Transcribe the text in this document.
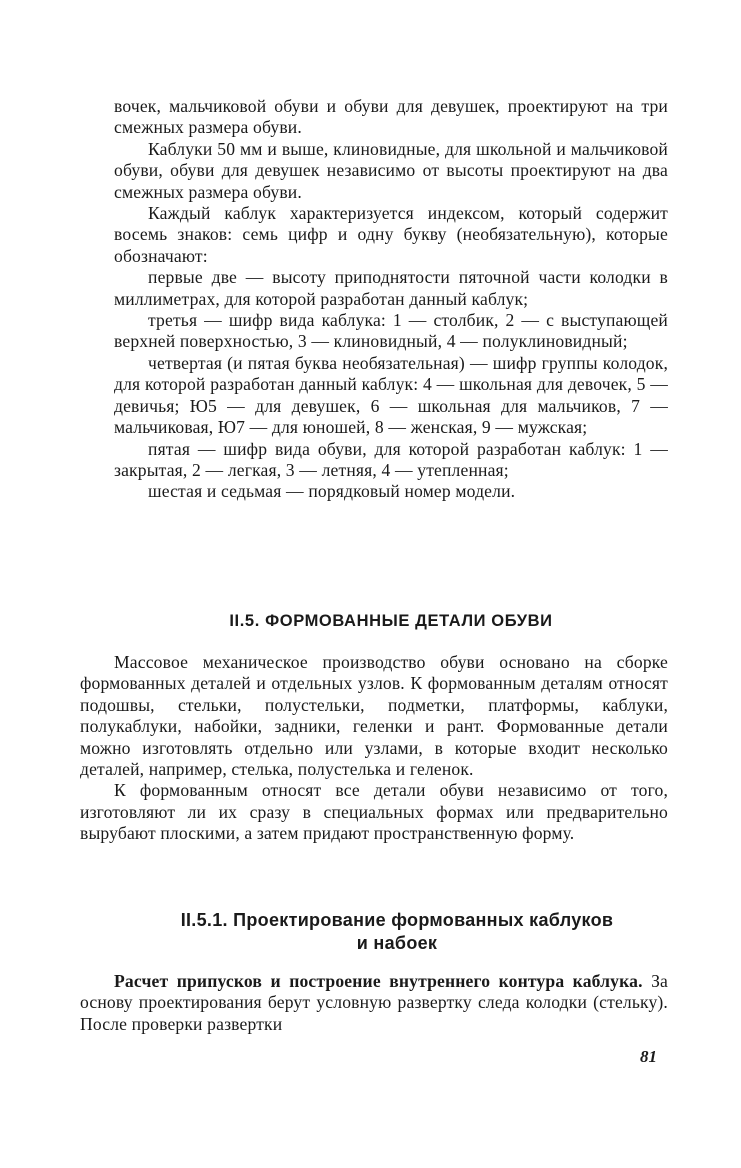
вочек, мальчиковой обуви и обуви для девушек, проектируют на три смежных размера обуви.

Каблуки 50 мм и выше, клиновидные, для школьной и мальчиковой обуви, обуви для девушек независимо от высоты проектируют на два смежных размера обуви.

Каждый каблук характеризуется индексом, который содержит восемь знаков: семь цифр и одну букву (необязательную), которые обозначают:

первые две — высоту приподнятости пяточной части колодки в миллиметрах, для которой разработан данный каблук;

третья — шифр вида каблука: 1 — столбик, 2 — с выступающей верхней поверхностью, 3 — клиновидный, 4 — полуклиновидный;

четвертая (и пятая буква необязательная) — шифр группы колодок, для которой разработан данный каблук: 4 — школьная для девочек, 5 — девичья; Ю5 — для девушек, 6 — школьная для мальчиков, 7 — мальчиковая, Ю7 — для юношей, 8 — женская, 9 — мужская;

пятая — шифр вида обуви, для которой разработан каблук: 1 — закрытая, 2 — легкая, 3 — летняя, 4 — утепленная;

шестая и седьмая — порядковый номер модели.

II.5. ФОРМОВАННЫЕ ДЕТАЛИ ОБУВИ

Массовое механическое производство обуви основано на сборке формованных деталей и отдельных узлов. К формованным деталям относят подошвы, стельки, полустельки, подметки, платформы, каблуки, полукаблуки, набойки, задники, геленки и рант. Формованные детали можно изготовлять отдельно или узлами, в которые входит несколько деталей, например, стелька, полустелька и геленок.

К формованным относят все детали обуви независимо от того, изготовляют ли их сразу в специальных формах или предварительно вырубают плоскими, а затем придают пространственную форму.

II.5.1. Проектирование формованных каблуков
и набоек

Расчет припусков и построение внутреннего контура каблука. За основу проектирования берут условную развертку следа колодки (стельку). После проверки развертки

81
